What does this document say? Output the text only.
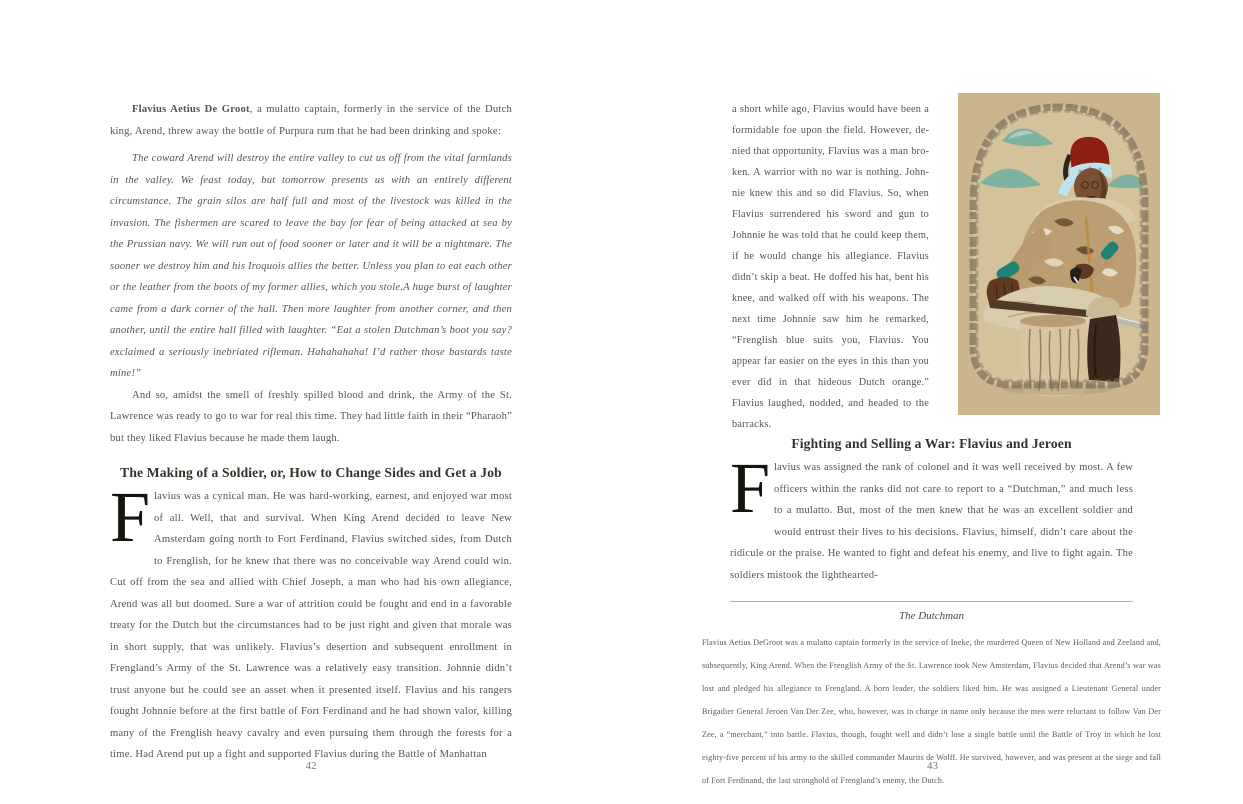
Flavius Aetius De Groot, a mulatto captain, formerly in the service of the Dutch king, Arend, threw away the bottle of Purpura rum that he had been drinking and spoke:

The coward Arend will destroy the entire valley to cut us off from the vital farmlands in the valley. We feast today, but tomorrow presents us with an entirely different circumstance. The grain silos are half full and most of the livestock was killed in the invasion. The fishermen are scared to leave the bay for fear of being attacked at sea by the Prussian navy. We will run out of food sooner or later and it will be a nightmare. The sooner we destroy him and his Iroquois allies the better. Unless you plan to eat each other or the leather from the boots of my former allies, which you stole.A huge burst of laughter came from a dark corner of the hall. Then more laughter from another corner, and then another, until the entire hall filled with laughter. “Eat a stolen Dutchman’s boot you say? exclaimed a seriously inebriated rifleman. Hahahahaha! I’d rather those bastards taste mine!”

And so, amidst the smell of freshly spilled blood and drink, the Army of the St. Lawrence was ready to go to war for real this time. They had little faith in their “Pharaoh” but they liked Flavius because he made them laugh.

The Making of a Soldier, or, How to Change Sides and Get a Job

Flavius was a cynical man. He was hard-working, earnest, and enjoyed war most of all. Well, that and survival. When King Arend decided to leave New Amsterdam going north to Fort Ferdinand, Flavius switched sides, from Dutch to Frenglish, for he knew that there was no conceivable way Arend could win. Cut off from the sea and allied with Chief Joseph, a man who had his own allegiance, Arend was all but doomed. Sure a war of attrition could be fought and end in a favorable treaty for the Dutch but the circumstances had to be just right and given that morale was in short supply, that was unlikely. Flavius’s desertion and subsequent enrollment in Frengland’s Army of the St. Lawrence was a relatively easy transition. Johnnie didn’t trust anyone but he could see an asset when it presented itself. Flavius and his rangers fought Johnnie before at the first battle of Fort Ferdinand and he had shown valor, killing many of the Frenglish heavy cavalry and even pursuing them through the forests for a time. Had Arend put up a fight and supported Flavius during the Battle of Manhattan

42

a short while ago, Flavius would have been a formidable foe upon the field. However, denied that opportunity, Flavius was a man broken. A warrior with no war is nothing. Johnnie knew this and so did Flavius. So, when Flavius surrendered his sword and gun to Johnnie he was told that he could keep them, if he would change his allegiance. Flavius didn’t skip a beat. He doffed his hat, bent his knee, and walked off with his weapons. The next time Johnnie saw him he remarked, “Frenglish blue suits you, Flavius. You appear far easier on the eyes in this than you ever did in that hideous Dutch orange.” Flavius laughed, nodded, and headed to the barracks.

Fighting and Selling a War: Flavius and Jeroen

Flavius was assigned the rank of colonel and it was well received by most. A few officers within the ranks did not care to report to a “Dutchman,” and much less to a mulatto. But, most of the men knew that he was an excellent soldier and would entrust their lives to his decisions. Flavius, himself, didn’t care about the ridicule or the praise. He wanted to fight and defeat his enemy, and live to fight again. The soldiers mistook the lighthearted-

The Dutchman

Flavius Aetius DeGroot was a mulatto captain formerly in the service of Ineke, the murdered Queen of New Holland and Zeeland and, subsequently, King Arend. When the Frenglish Army of the St. Lawrence took New Amsterdam, Flavius decided that Arend’s war was lost and pledged his allegiance to Frengland. A born leader, the soldiers liked him. He was assigned a Lieutenant General under Brigadier General Jeroen Van Der Zee, who, however, was in charge in name only because the men were reluctant to follow Van Der Zee, a “merchant,” into battle. Flavius, though, fought well and didn’t lose a single battle until the Battle of Troy in which he lost eighty-five percent of his army to the skilled commander Maurits de Wolff. He survived, however, and was present at the siege and fall of Fort Ferdinand, the last stronghold of Frengland’s enemy, the Dutch.

43
